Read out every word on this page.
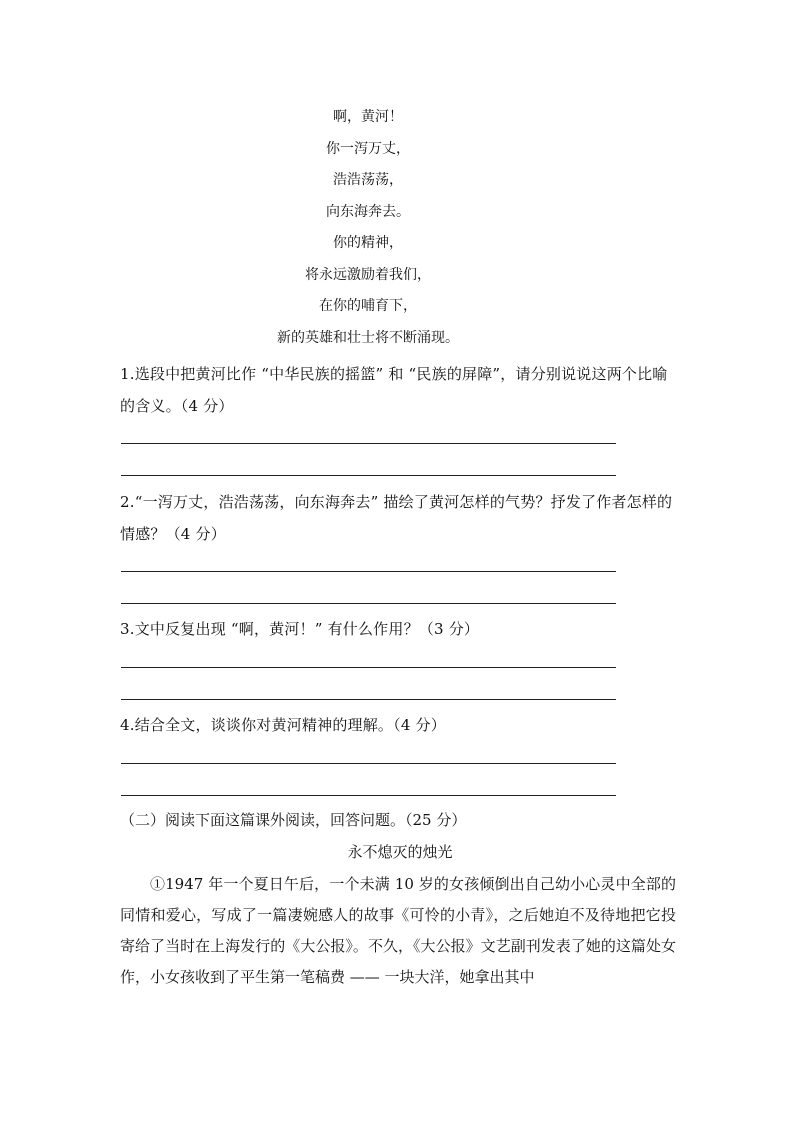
啊，黄河！
你一泻万丈，
浩浩荡荡，
向东海奔去。
你的精神，
将永远激励着我们，
在你的哺育下，
新的英雄和壮士将不断涌现。
1.选段中把黄河比作 “中华民族的摇篮” 和 “民族的屏障”，请分别说说这两个比喻的含义。（4 分）
2.“一泻万丈，浩浩荡荡，向东海奔去” 描绘了黄河怎样的气势？抒发了作者怎样的情感？（4 分）
3.文中反复出现 “啊，黄河！” 有什么作用？（3 分）
4.结合全文，谈谈你对黄河精神的理解。（4 分）
（二）阅读下面这篇课外阅读，回答问题。（25 分）
永不熄灭的烛光
①1947 年一个夏日午后，一个未满 10 岁的女孩倾倒出自己幼小心灵中全部的同情和爱心，写成了一篇凄婉感人的故事《可怜的小青》，之后她迫不及待地把它投寄给了当时在上海发行的《大公报》。不久，《大公报》文艺副刊发表了她的这篇处女作，小女孩收到了平生第一笔稿费 —— 一块大洋，她拿出其中
